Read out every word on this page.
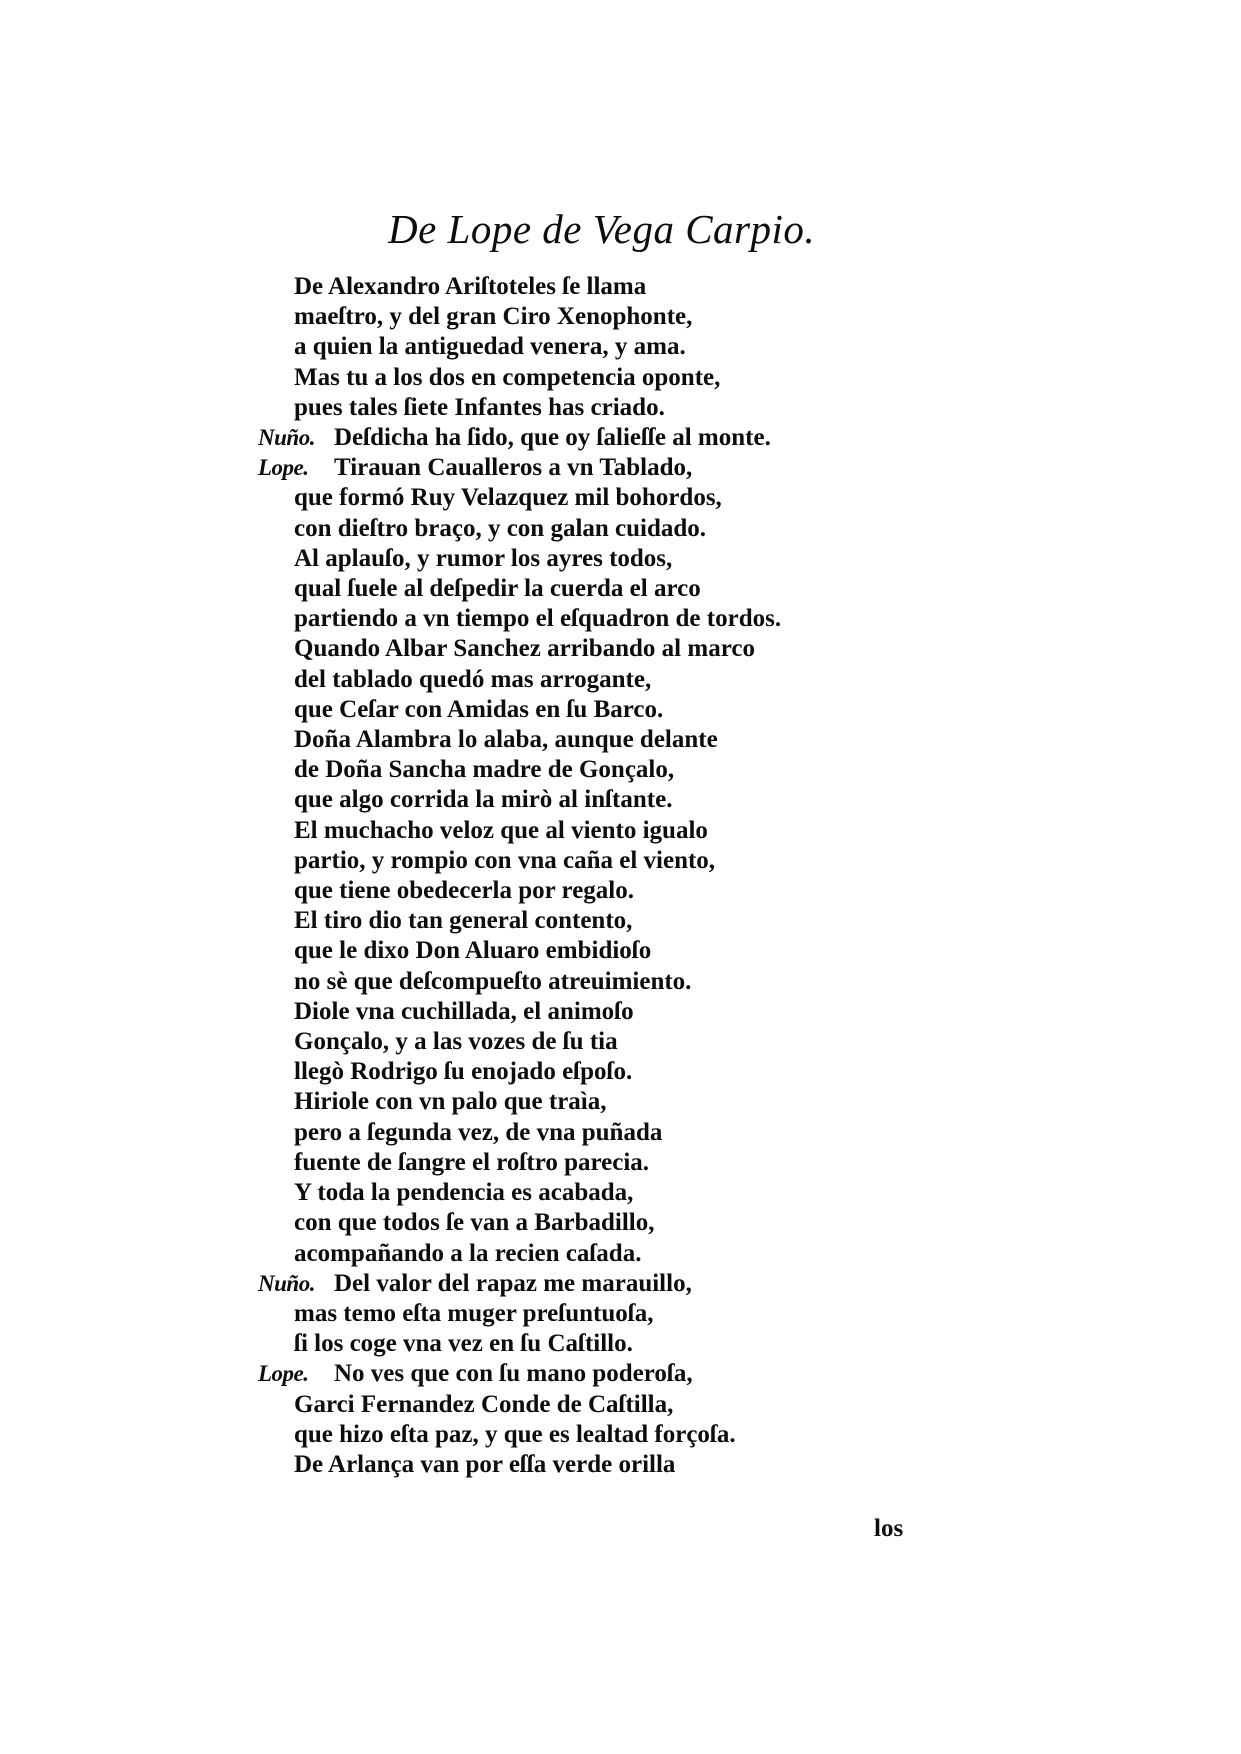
De Lope de Vega Carpio.
De Alexandro Ariſtoteles ſe llama
maeſtro, y del gran Ciro Xenophonte,
a quien la antiguedad venera, y ama.
Mas tu a los dos en competencia oponte,
pues tales ſiete Infantes has criado.
Nuño. Deſdicha ha ſido, que oy ſalieſſe al monte.
Lope. Tirauan Caualleros a vn Tablado,
que formó Ruy Velazquez mil bohordos,
con dieſtro braço, y con galan cuidado.
Al aplauſo, y rumor los ayres todos,
qual ſuele al deſpedir la cuerda el arco
partiendo a vn tiempo el eſquadron de tordos.
Quando Albar Sanchez arribando al marco
del tablado quedó mas arrogante,
que Ceſar con Amidas en ſu Barco.
Doña Alambra lo alaba, aunque delante
de Doña Sancha madre de Gonçalo,
que algo corrida la mirò al inſtante.
El muchacho veloz que al viento igualo
partio, y rompio con vna caña el viento,
que tiene obedecerla por regalo.
El tiro dio tan general contento,
que le dixo Don Aluaro embidioſo
no sè que deſcompueſto atreuimiento.
Diole vna cuchillada, el animoſo
Gonçalo, y a las vozes de ſu tia
llegò Rodrigo ſu enojado eſpoſo.
Hiriole con vn palo que traìa,
pero a ſegunda vez, de vna puñada
fuente de ſangre el roſtro parecia.
Y toda la pendencia es acabada,
con que todos ſe van a Barbadillo,
acompañando a la recien caſada.
Nuño. Del valor del rapaz me marauillo,
mas temo eſta muger preſuntuoſa,
ſi los coge vna vez en ſu Caſtillo.
Lope. No ves que con ſu mano poderoſa,
Garci Fernandez Conde de Caſtilla,
que hizo eſta paz, y que es lealtad forçoſa.
De Arlança van por eſſa verde orilla
los
